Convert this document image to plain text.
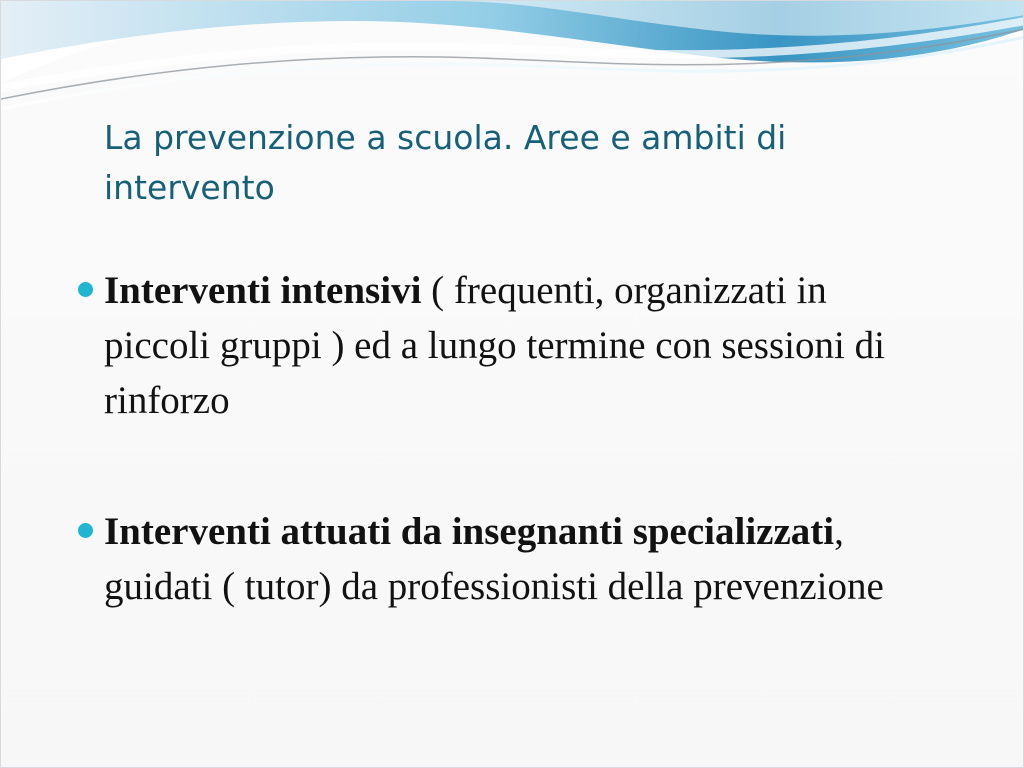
La prevenzione a scuola. Aree e ambiti di intervento
Interventi intensivi ( frequenti, organizzati in piccoli gruppi ) ed a lungo termine con sessioni di rinforzo
Interventi attuati da insegnanti specializzati, guidati ( tutor) da professionisti della prevenzione
